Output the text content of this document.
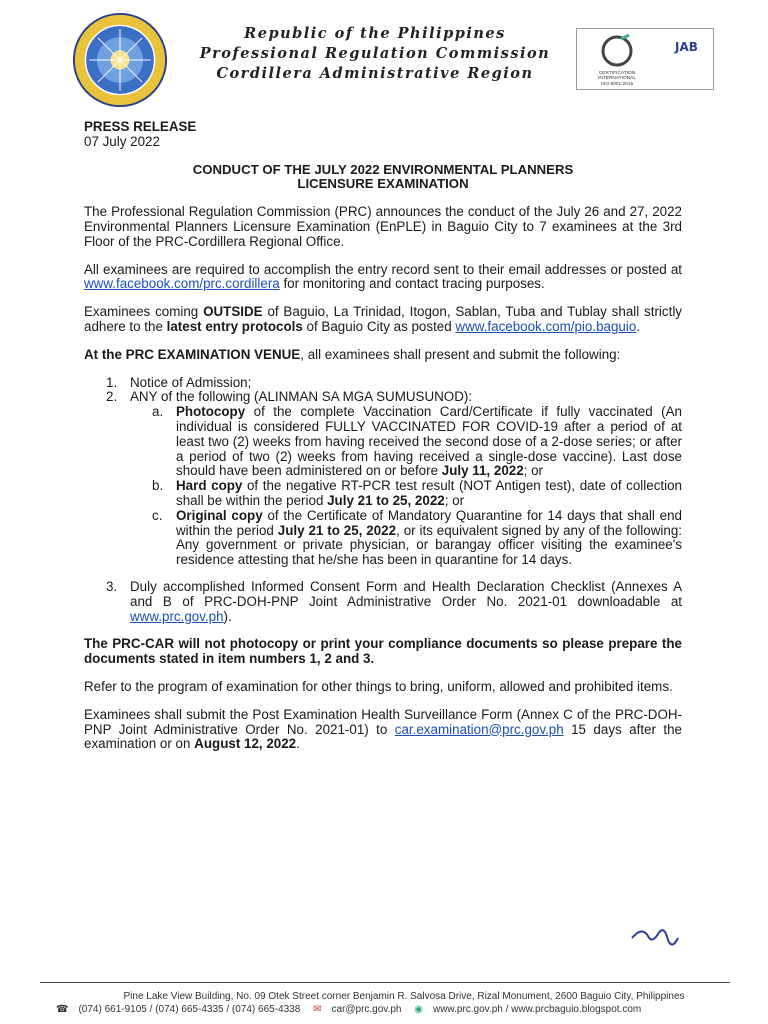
Republic of the Philippines
Professional Regulation Commission
Cordillera Administrative Region
JAB
CERTIFICATION INTERNATIONAL
ISO 9001:2015
PRESS RELEASE
07 July 2022
CONDUCT OF THE JULY 2022 ENVIRONMENTAL PLANNERS
LICENSURE EXAMINATION

The Professional Regulation Commission (PRC) announces the conduct of the July 26 and 27, 2022 Environmental Planners Licensure Examination (EnPLE) in Baguio City to 7 examinees at the 3rd Floor of the PRC-Cordillera Regional Office.

All examinees are required to accomplish the entry record sent to their email addresses or posted at www.facebook.com/prc.cordillera for monitoring and contact tracing purposes.

Examinees coming OUTSIDE of Baguio, La Trinidad, Itogon, Sablan, Tuba and Tublay shall strictly adhere to the latest entry protocols of Baguio City as posted www.facebook.com/pio.baguio.

At the PRC EXAMINATION VENUE, all examinees shall present and submit the following:

1. Notice of Admission;
2. ANY of the following (ALINMAN SA MGA SUMUSUNOD):
a. Photocopy of the complete Vaccination Card/Certificate if fully vaccinated (An individual is considered FULLY VACCINATED FOR COVID-19 after a period of at least two (2) weeks from having received the second dose of a 2-dose series; or after a period of two (2) weeks from having received a single-dose vaccine). Last dose should have been administered on or before July 11, 2022; or
b. Hard copy of the negative RT-PCR test result (NOT Antigen test), date of collection shall be within the period July 21 to 25, 2022; or
c. Original copy of the Certificate of Mandatory Quarantine for 14 days that shall end within the period July 21 to 25, 2022, or its equivalent signed by any of the following: Any government or private physician, or barangay officer visiting the examinee's residence attesting that he/she has been in quarantine for 14 days.
3. Duly accomplished Informed Consent Form and Health Declaration Checklist (Annexes A and B of PRC-DOH-PNP Joint Administrative Order No. 2021-01 downloadable at www.prc.gov.ph).

The PRC-CAR will not photocopy or print your compliance documents so please prepare the documents stated in item numbers 1, 2 and 3.

Refer to the program of examination for other things to bring, uniform, allowed and prohibited items.

Examinees shall submit the Post Examination Health Surveillance Form (Annex C of the PRC-DOH-PNP Joint Administrative Order No. 2021-01) to car.examination@prc.gov.ph 15 days after the examination or on August 12, 2022.

Pine Lake View Building, No. 09 Otek Street corner Benjamin R. Salvosa Drive, Rizal Monument, 2600 Baguio City, Philippines
☎ (074) 661-9105 / (074) 665-4335 / (074) 665-4338 ✉ car@prc.gov.ph ◉ www.prc.gov.ph / www.prcbaguio.blogspot.com
